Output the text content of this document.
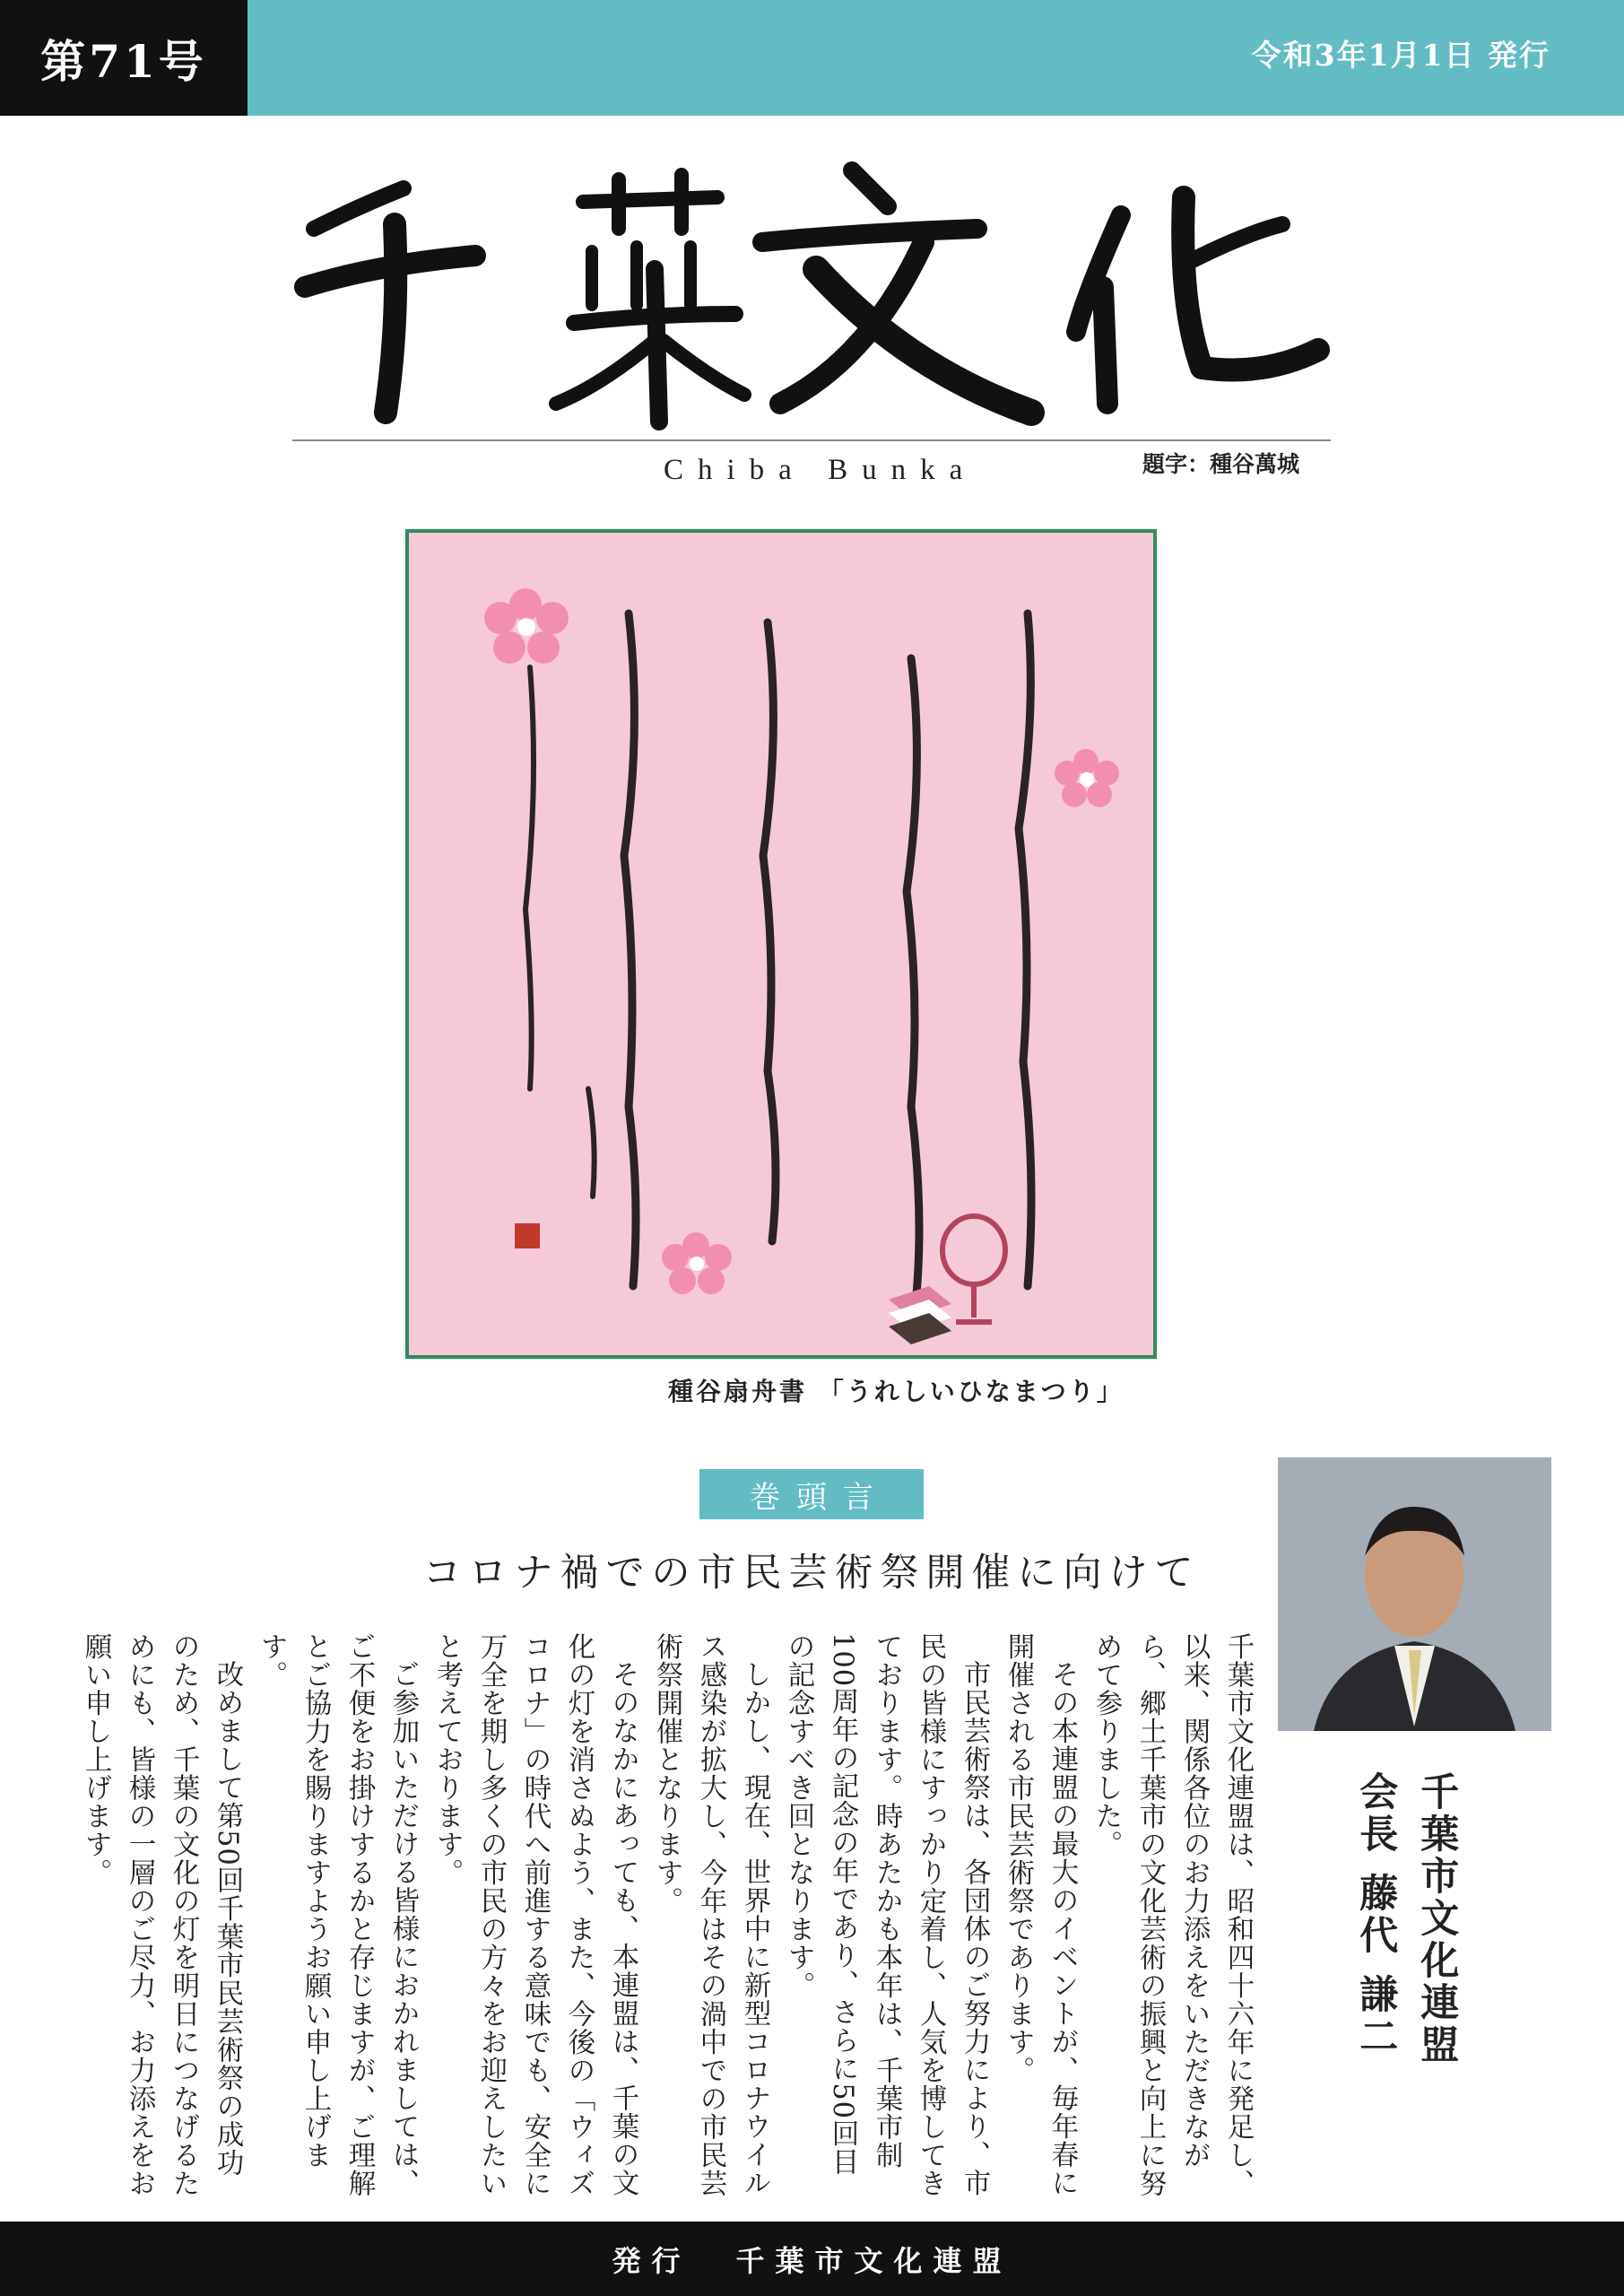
第71号	令和3年1月1日 発行
Chiba Bunka	題字：種谷萬城
種谷扇舟書 「うれしいひなまつり」
巻頭言
コロナ禍での市民芸術祭開催に向けて
千葉市文化連盟
会長 藤代 謙二

千葉市文化連盟は、昭和四十六年に発足し、以来、関係各位のお力添えをいただきながら、郷土千葉市の文化芸術の振興と向上に努めて参りました。

その本連盟の最大のイベントが、毎年春に開催される市民芸術祭であります。

市民芸術祭は、各団体のご努力により、市民の皆様にすっかり定着し、人気を博してきております。時あたかも本年は、千葉市制100周年の記念の年であり、さらに50回目の記念すべき回となります。

しかし、現在、世界中に新型コロナウイルス感染が拡大し、今年はその渦中での市民芸術祭開催となります。

そのなかにあっても、本連盟は、千葉の文化の灯を消さぬよう、また、今後の「ウィズコロナ」の時代へ前進する意味でも、安全に万全を期し多くの市民の方々をお迎えしたいと考えております。

ご参加いただける皆様におかれましては、ご不便をお掛けするかと存じますが、ご理解とご協力を賜りますようお願い申し上げます。

改めまして第50回千葉市民芸術祭の成功のため、千葉の文化の灯を明日につなげるためにも、皆様の一層のご尽力、お力添えをお願い申し上げます。

発行 千葉市文化連盟
